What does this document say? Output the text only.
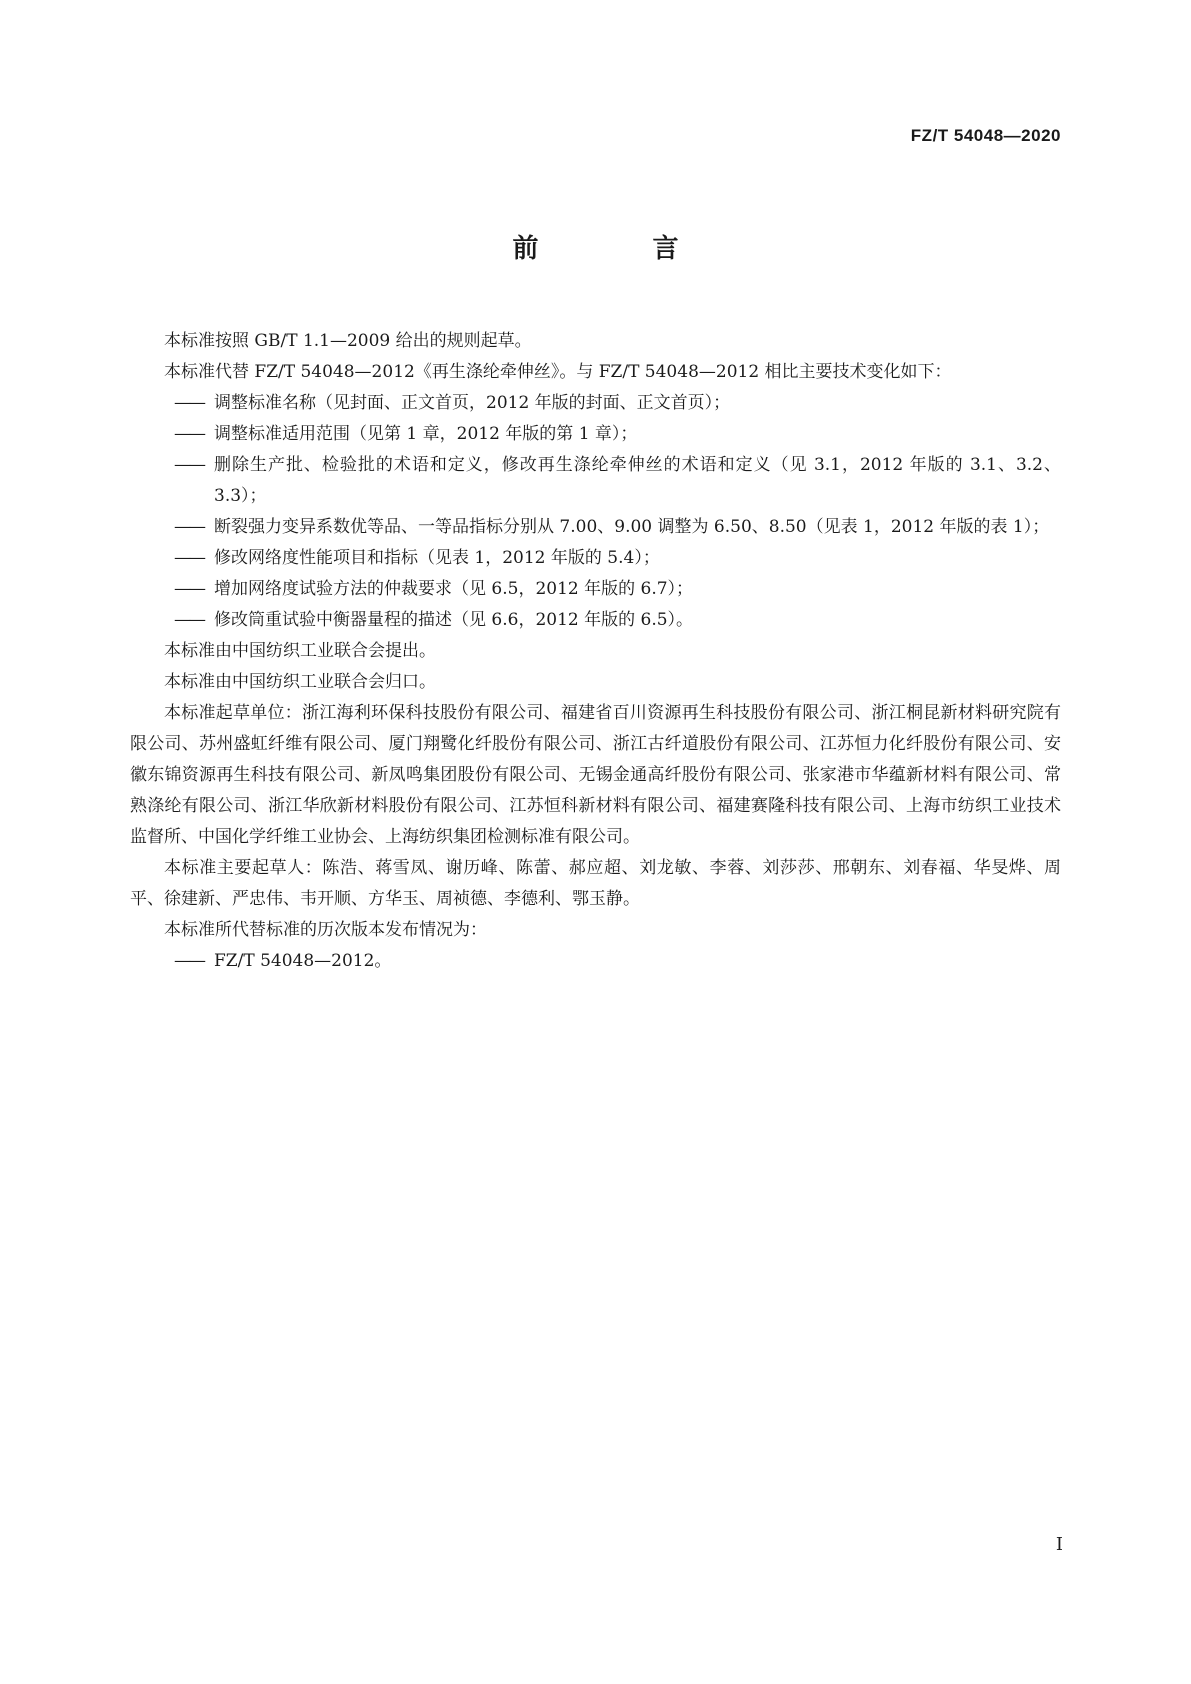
FZ/T 54048—2020
前　言

本标准按照 GB/T 1.1—2009 给出的规则起草。

本标准代替 FZ/T 54048—2012《再生涤纶牵伸丝》。与 FZ/T 54048—2012 相比主要技术变化如下：

—— 调整标准名称（见封面、正文首页，2012 年版的封面、正文首页）；
—— 调整标准适用范围（见第 1 章，2012 年版的第 1 章）；
—— 删除生产批、检验批的术语和定义，修改再生涤纶牵伸丝的术语和定义（见 3.1，2012 年版的 3.1、3.2、3.3）；
—— 断裂强力变异系数优等品、一等品指标分别从 7.00、9.00 调整为 6.50、8.50（见表 1，2012 年版的表 1）；
—— 修改网络度性能项目和指标（见表 1，2012 年版的 5.4）；
—— 增加网络度试验方法的仲裁要求（见 6.5，2012 年版的 6.7）；
—— 修改筒重试验中衡器量程的描述（见 6.6，2012 年版的 6.5）。

本标准由中国纺织工业联合会提出。

本标准由中国纺织工业联合会归口。

本标准起草单位：浙江海利环保科技股份有限公司、福建省百川资源再生科技股份有限公司、浙江桐昆新材料研究院有限公司、苏州盛虹纤维有限公司、厦门翔鹭化纤股份有限公司、浙江古纤道股份有限公司、江苏恒力化纤股份有限公司、安徽东锦资源再生科技有限公司、新凤鸣集团股份有限公司、无锡金通高纤股份有限公司、张家港市华蕴新材料有限公司、常熟涤纶有限公司、浙江华欣新材料股份有限公司、江苏恒科新材料有限公司、福建赛隆科技有限公司、上海市纺织工业技术监督所、中国化学纤维工业协会、上海纺织集团检测标准有限公司。

本标准主要起草人：陈浩、蒋雪凤、谢历峰、陈蕾、郝应超、刘龙敏、李蓉、刘莎莎、邢朝东、刘春福、华旻烨、周平、徐建新、严忠伟、韦开顺、方华玉、周祯德、李德利、鄂玉静。

本标准所代替标准的历次版本发布情况为：

—— FZ/T 54048—2012。
I
